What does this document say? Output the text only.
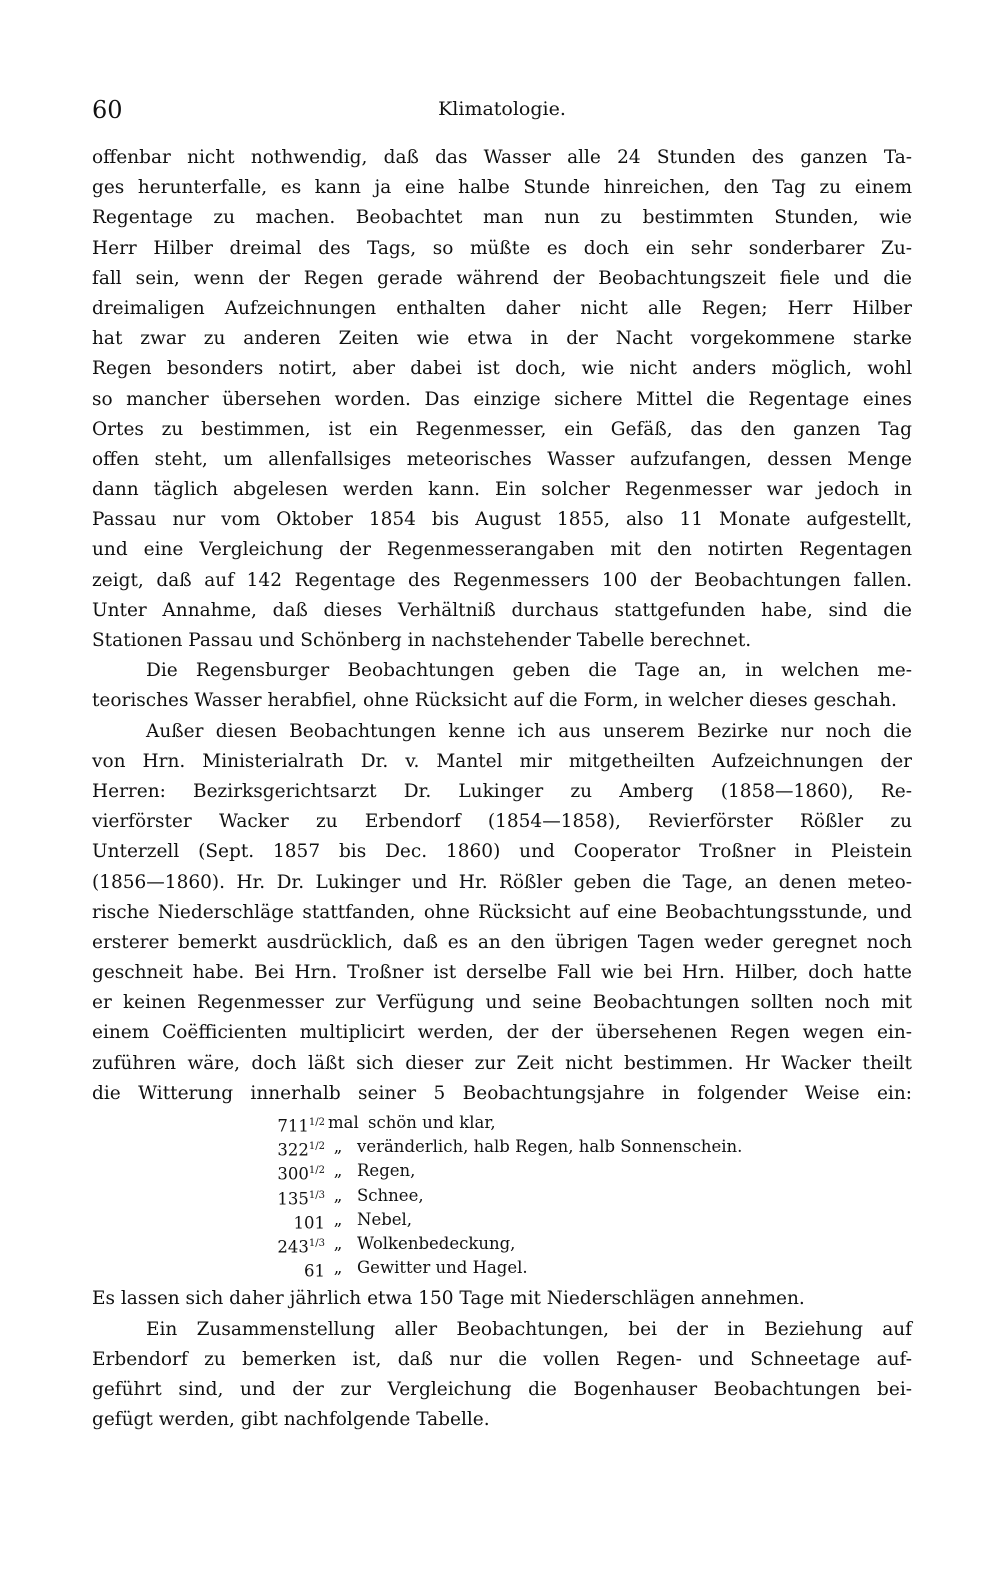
60	Klimatologie.
offenbar nicht nothwendig, daß das Wasser alle 24 Stunden des ganzen Ta-
ges herunterfalle, es kann ja eine halbe Stunde hinreichen, den Tag zu einem
Regentage zu machen. Beobachtet man nun zu bestimmten Stunden, wie
Herr Hilber dreimal des Tags, so müßte es doch ein sehr sonderbarer Zu-
fall sein, wenn der Regen gerade während der Beobachtungszeit fiele und die
dreimaligen Aufzeichnungen enthalten daher nicht alle Regen; Herr Hilber
hat zwar zu anderen Zeiten wie etwa in der Nacht vorgekommene starke
Regen besonders notirt, aber dabei ist doch, wie nicht anders möglich, wohl
so mancher übersehen worden. Das einzige sichere Mittel die Regentage eines
Ortes zu bestimmen, ist ein Regenmesser, ein Gefäß, das den ganzen Tag
offen steht, um allenfallsiges meteorisches Wasser aufzufangen, dessen Menge
dann täglich abgelesen werden kann. Ein solcher Regenmesser war jedoch in
Passau nur vom Oktober 1854 bis August 1855, also 11 Monate aufgestellt,
und eine Vergleichung der Regenmesserangaben mit den notirten Regentagen
zeigt, daß auf 142 Regentage des Regenmessers 100 der Beobachtungen fallen.
Unter Annahme, daß dieses Verhältniß durchaus stattgefunden habe, sind die
Stationen Passau und Schönberg in nachstehender Tabelle berechnet.
Die Regensburger Beobachtungen geben die Tage an, in welchen me-
teorisches Wasser herabfiel, ohne Rücksicht auf die Form, in welcher dieses geschah.
Außer diesen Beobachtungen kenne ich aus unserem Bezirke nur noch die
von Hrn. Ministerialrath Dr. v. Mantel mir mitgetheilten Aufzeichnungen der
Herren: Bezirksgerichtsarzt Dr. Lukinger zu Amberg (1858—1860), Re-
vierförster Wacker zu Erbendorf (1854—1858), Revierförster Rößler zu
Unterzell (Sept. 1857 bis Dec. 1860) und Cooperator Troßner in Pleistein
(1856—1860). Hr. Dr. Lukinger und Hr. Rößler geben die Tage, an denen meteo-
rische Niederschläge stattfanden, ohne Rücksicht auf eine Beobachtungsstunde, und
ersterer bemerkt ausdrücklich, daß es an den übrigen Tagen weder geregnet noch
geschneit habe. Bei Hrn. Troßner ist derselbe Fall wie bei Hrn. Hilber, doch hatte
er keinen Regenmesser zur Verfügung und seine Beobachtungen sollten noch mit
einem Coëfficienten multiplicirt werden, der der übersehenen Regen wegen ein-
zuführen wäre, doch läßt sich dieser zur Zeit nicht bestimmen. Hr Wacker theilt
die Witterung innerhalb seiner 5 Beobachtungsjahre in folgender Weise ein:
$711^{1/2}$ mal schön und klar,
$322^{1/2}$ „ veränderlich, halb Regen, halb Sonnenschein.
$300^{1/2}$ „ Regen,
$135^{1/3}$ „ Schnee,
101 „ Nebel,
$243^{1/3}$ „ Wolkenbedeckung,
61 „ Gewitter und Hagel.
Es lassen sich daher jährlich etwa 150 Tage mit Niederschlägen annehmen.
Ein Zusammenstellung aller Beobachtungen, bei der in Beziehung auf
Erbendorf zu bemerken ist, daß nur die vollen Regen- und Schneetage auf-
geführt sind, und der zur Vergleichung die Bogenhauser Beobachtungen bei-
gefügt werden, gibt nachfolgende Tabelle.
